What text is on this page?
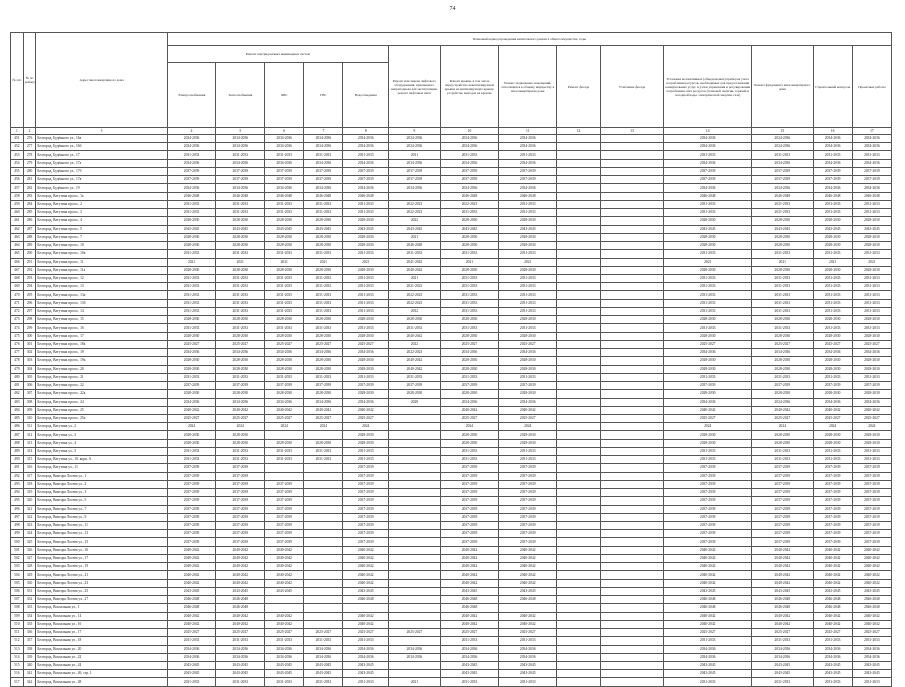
74
№ п/п	№ по району	Адрес многоквартирного дома	Плановый период проведения капитального ремонта общего имущества, годы													
			Ремонт внутридомовых инженерных систем					Ремонт или замена лифтового оборудования, признанного непригодным для эксплуатации, ремонт лифтовых шахт	Ремонт крыши, в том числе переустройство невентилируемой крыши на вентилируемую крышу, устройство выходов на кровлю	Ремонт подвальных помещений, относящихся к общему имуществу в многоквартирном доме	Ремонт фасада	Утепление фасада	Установка коллективных (общедомовых) приборов учета потребления ресурсов, необходимых для предоставления коммунальных услуг, и узлов управления и регулирования потребления этих ресурсов (тепловой энергии, горячей и холодной воды, электрической энергии, газа)	Ремонт фундамента многоквартирного дома	Строительный контроль	Проектные работы
			Электроснабжения	Теплоснабжения	ХВС	ГВС	Водоотведения									
1	2	3	4	5	6	7	8	9	10	11	12	13	14	15	16	17
451	276	Белгород, Будённого ул., 16а	2034-2036	2034-2036	2034-2036	2034-2036	2034-2036	2034-2036	2034-2036	2034-2036			2034-2036	2034-2036	2034-2036	2034-2036
452	277	Белгород, Будённого ул., 16б	2034-2036	2034-2036	2034-2036	2034-2036	2034-2036	2034-2036	2034-2036	2034-2036			2034-2036	2034-2036	2034-2036	2034-2036
453	278	Белгород, Будённого ул., 17	2031-2033	2031-2033	2031-2033	2031-2033	2031-2033	2031	2031-2033	2031-2033			2031-2033	2031-2033	2031-2033	2031-2033
454	279	Белгород, Будённого ул., 17а	2034-2036	2034-2036	2034-2036	2034-2036	2034-2036	2034-2036	2034-2036	2034-2036			2034-2036	2034-2036	2034-2036	2034-2036
455	280	Белгород, Будённого ул., 17б	2037-2039	2037-2039	2037-2039	2037-2039	2037-2039	2037-2039	2037-2039	2037-2039			2037-2039	2037-2039	2037-2039	2037-2039
456	281	Белгород, Будённого ул., 17в	2037-2039	2037-2039	2037-2039	2037-2039	2037-2039	2037-2039	2037-2039	2037-2039			2037-2039	2037-2039	2037-2039	2037-2039
457	282	Белгород, Будённого ул., 19	2034-2036	2034-2036	2034-2036	2034-2036	2034-2036	2034-2036	2034-2036	2034-2036			2034-2036	2034-2036	2034-2036	2034-2036
458	283	Белгород, Ватутина просп., 1а	2046-2048	2046-2048	2046-2048	2046-2048	2046-2048		2046-2048	2046-2048			2046-2048	2046-2048	2046-2048	2046-2048
459	284	Белгород, Ватутина просп., 2	2031-2033	2031-2033	2031-2033	2031-2033	2031-2033	2022-2023	2022-2023	2031-2033			2031-2033	2031-2033	2031-2033	2031-2033
460	285	Белгород, Ватутина просп., 3	2031-2033	2031-2033	2031-2033	2031-2033	2031-2033	2022-2023	2031-2033	2031-2033			2031-2033	2031-2033	2031-2033	2031-2033
461	286	Белгород, Ватутина просп., 4	2028-2030	2028-2030	2028-2030	2028-2030	2028-2030	2022	2028-2030	2028-2030			2028-2030	2028-2030	2028-2030	2028-2030
462	287	Белгород, Ватутина просп., 5	2043-2045	2043-2045	2043-2045	2043-2045	2043-2045	2043-2045	2043-2045	2043-2045			2043-2045	2043-2045	2043-2045	2043-2045
463	288	Белгород, Ватутина просп., 7	2028-2030	2028-2030	2028-2030	2028-2030	2028-2030	2021	2028-2030	2028-2030			2028-2030	2028-2030	2028-2030	2028-2030
464	289	Белгород, Ватутина просп., 10	2028-2030	2028-2030	2028-2030	2028-2030	2028-2030	2046-2048	2028-2030	2028-2030			2028-2030	2028-2030	2028-2030	2028-2030
465	290	Белгород, Ватутина просп., 10а	2031-2033	2031-2033	2031-2033	2031-2033	2031-2033	2031-2033	2031-2033	2031-2033			2031-2033	2031-2033	2031-2033	2031-2033
466	291	Белгород, Ватутина просп., 11	2021	2021	2021	2021	2021	2041-2043	2021	2021			2021	2021	2021	2021
467	292	Белгород, Ватутина просп., 11а	2028-2030	2028-2030	2028-2030	2028-2030	2028-2030	2040-2042	2028-2030	2028-2030			2028-2030	2028-2030	2028-2030	2028-2030
468	293	Белгород, Ватутина просп., 12	2031-2033	2031-2033	2031-2033	2031-2033	2031-2033	2021	2031-2033	2031-2033			2031-2033	2031-2033	2031-2033	2031-2033
469	294	Белгород, Ватутина просп., 13	2031-2033	2031-2033	2031-2033	2031-2033	2031-2033	2021-2023	2031-2033	2031-2033			2031-2033	2031-2033	2031-2033	2031-2033
470	295	Белгород, Ватутина просп., 13а	2031-2033	2031-2033	2031-2033	2031-2033	2031-2033	2022-2023	2031-2033	2031-2033			2031-2033	2031-2033	2031-2033	2031-2033
471	296	Белгород, Ватутина просп., 13б	2031-2033	2031-2033	2031-2033	2031-2033	2031-2033	2022-2023	2031-2033	2031-2033			2031-2033	2031-2033	2031-2033	2031-2033
472	297	Белгород, Ватутина просп., 14	2031-2033	2031-2033	2031-2033	2031-2033	2031-2033	2032	2031-2033	2031-2033			2031-2033	2031-2033	2031-2033	2031-2033
473	298	Белгород, Ватутина просп., 15	2028-2030	2028-2030	2028-2030	2028-2030	2028-2030	2028-2030	2028-2030	2028-2030			2028-2030	2028-2030	2028-2030	2028-2030
474	299	Белгород, Ватутина просп., 16	2031-2033	2031-2033	2031-2033	2031-2033	2031-2033	2031-2033	2031-2033	2031-2033			2031-2033	2031-2033	2031-2033	2031-2033
475	300	Белгород, Ватутина просп., 17	2028-2030	2028-2030	2028-2030	2028-2030	2028-2030	2040-2042	2028-2030	2028-2030			2028-2030	2028-2030	2028-2030	2028-2030
476	301	Белгород, Ватутина просп., 18а	2025-2027	2025-2027	2025-2027	2025-2027	2025-2027	2022	2025-2027	2025-2027			2025-2027	2025-2027	2025-2027	2025-2027
477	302	Белгород, Ватутина просп., 19	2034-2036	2034-2036	2034-2036	2034-2036	2034-2036	2022-2023	2034-2036	2034-2036			2034-2036	2034-2036	2034-2036	2034-2036
478	303	Белгород, Ватутина просп., 19а	2028-2030	2028-2030	2028-2030	2028-2030	2028-2030	2040-2042	2028-2030	2028-2030			2028-2030	2028-2030	2028-2030	2028-2030
479	304	Белгород, Ватутина просп., 20	2028-2030	2028-2030	2028-2030	2028-2030	2028-2030	2040-2042	2028-2030	2028-2030			2028-2030	2028-2030	2028-2030	2028-2030
480	305	Белгород, Ватутина просп., 21	2031-2033	2031-2033	2031-2033	2031-2033	2031-2033	2031-2033	2031-2033	2031-2033			2031-2033	2031-2033	2031-2033	2031-2033
481	306	Белгород, Ватутина просп., 22	2037-2039	2037-2039	2037-2039	2037-2039	2037-2039	2037-2039	2037-2039	2037-2039			2037-2039	2037-2039	2037-2039	2037-2039
482	307	Белгород, Ватутина просп., 22а	2028-2030	2028-2030	2028-2030	2028-2030	2028-2030	2028-2030	2028-2030	2028-2030			2028-2030	2028-2030	2028-2030	2028-2030
483	308	Белгород, Ватутина просп., 24	2034-2036	2034-2036	2034-2036	2034-2036	2034-2036	2028	2034-2036	2034-2036			2034-2036	2034-2036	2034-2036	2034-2036
484	309	Белгород, Ватутина просп., 25	2040-2042	2040-2042	2040-2042	2040-2042	2040-2042		2040-2042	2040-2042			2040-2042	2040-2042	2040-2042	2040-2042
485	310	Белгород, Ватутина просп., 25а	2025-2027	2025-2027	2025-2027	2025-2027	2025-2027		2025-2027	2025-2027			2025-2027	2025-2027	2025-2027	2025-2027
486	311	Белгород, Ватутина ул., 2	2024	2024	2024	2024	2024		2024	2024			2024	2024	2024	2024
487	312	Белгород, Ватутина ул., 3	2028-2030	2028-2030			2028-2030		2028-2030	2028-2030			2028-2030	2028-2030	2028-2030	2028-2030
488	313	Белгород, Ватутина ул., 4	2028-2030	2028-2030	2028-2030	2028-2030	2028-2030		2028-2030	2028-2030			2028-2030	2028-2030	2028-2030	2028-2030
489	314	Белгород, Ватутина ул., 5	2031-2033	2031-2033	2031-2033	2031-2033	2031-2033		2031-2033	2031-2033			2031-2033	2031-2033	2031-2033	2031-2033
490	315	Белгород, Ватутина ул., 10, корп. А	2031-2033	2031-2033	2031-2033	2031-2033	2031-2033		2031-2033	2031-2033			2031-2033	2031-2033	2031-2033	2031-2033
491	316	Белгород, Ватутина ул., 11	2037-2039	2037-2039			2037-2039		2037-2039	2037-2039			2037-2039	2037-2039	2037-2039	2037-2039
492	317	Белгород, Виктора Лосева ул., 1	2037-2039	2037-2039			2037-2039		2037-2039	2037-2039			2037-2039	2037-2039	2037-2039	2037-2039
493	318	Белгород, Виктора Лосева ул., 2	2037-2039	2037-2039	2037-2039		2037-2039		2037-2039	2037-2039			2037-2039	2037-2039	2037-2039	2037-2039
494	319	Белгород, Виктора Лосева ул., 3	2037-2039	2037-2039	2037-2039		2037-2039		2037-2039	2037-2039			2037-2039	2037-2039	2037-2039	2037-2039
495	320	Белгород, Виктора Лосева ул., 5	2037-2039	2037-2039	2037-2039		2037-2039		2037-2039	2037-2039			2037-2039	2037-2039	2037-2039	2037-2039
496	321	Белгород, Виктора Лосева ул., 7	2037-2039	2037-2039	2037-2039		2037-2039		2037-2039	2037-2039			2037-2039	2037-2039	2037-2039	2037-2039
497	322	Белгород, Виктора Лосева ул., 9	2037-2039	2037-2039	2037-2039		2037-2039		2037-2039	2037-2039			2037-2039	2037-2039	2037-2039	2037-2039
498	323	Белгород, Виктора Лосева ул., 11	2037-2039	2037-2039	2037-2039		2037-2039		2037-2039	2037-2039			2037-2039	2037-2039	2037-2039	2037-2039
499	324	Белгород, Виктора Лосева ул., 13	2037-2039	2037-2039	2037-2039		2037-2039		2037-2039	2037-2039			2037-2039	2037-2039	2037-2039	2037-2039
500	325	Белгород, Виктора Лосева ул., 15	2037-2039	2037-2039	2037-2039		2037-2039		2037-2039	2037-2039			2037-2039	2037-2039	2037-2039	2037-2039
501	326	Белгород, Виктора Лосева ул., 16	2040-2042	2040-2042	2040-2042		2040-2042		2040-2042	2040-2042			2040-2042	2040-2042	2040-2042	2040-2042
502	327	Белгород, Виктора Лосева ул., 17	2040-2042	2040-2042	2040-2042		2040-2042		2040-2042	2040-2042			2040-2042	2040-2042	2040-2042	2040-2042
503	328	Белгород, Виктора Лосева ул., 19	2040-2042	2040-2042	2040-2042		2040-2042		2040-2042	2040-2042			2040-2042	2040-2042	2040-2042	2040-2042
504	329	Белгород, Виктора Лосева ул., 21	2040-2042	2040-2042	2040-2042		2040-2042		2040-2042	2040-2042			2040-2042	2040-2042	2040-2042	2040-2042
505	330	Белгород, Виктора Лосева ул., 23	2040-2042	2040-2042	2040-2042		2040-2042		2040-2042	2040-2042			2040-2042	2040-2042	2040-2042	2040-2042
506	331	Белгород, Виктора Лосева ул., 25	2043-2045	2043-2045	2043-2045		2043-2045		2043-2045	2043-2045			2043-2045	2043-2045	2043-2045	2043-2045
507	332	Белгород, Виктора Лосева ул., 27	2046-2048	2046-2048			2046-2048		2046-2048	2046-2048			2046-2048	2046-2048	2046-2048	2046-2048
508	333	Белгород, Вокзальная ул., 1	2046-2048	2046-2048					2046-2048				2046-2048	2046-2048	2046-2048	2046-2048
509	334	Белгород, Вокзальная ул., 14	2040-2042	2040-2042	2040-2042		2040-2042		2040-2042	2040-2042			2040-2042	2040-2042	2040-2042	2040-2042
510	335	Белгород, Вокзальная ул., 16	2040-2042	2040-2042	2040-2042		2040-2042		2040-2042	2040-2042			2040-2042	2040-2042	2040-2042	2040-2042
511	336	Белгород, Вокзальная ул., 17	2025-2027	2025-2027	2025-2027	2025-2027	2025-2027	2025-2027	2025-2027	2025-2027			2025-2027	2025-2027	2025-2027	2025-2027
512	337	Белгород, Вокзальная ул., 18	2031-2033	2031-2033	2031-2033	2031-2033	2031-2033		2031-2033	2031-2033			2031-2033	2031-2033	2031-2033	2031-2033
513	338	Белгород, Вокзальная ул., 20	2034-2036	2034-2036	2034-2036	2034-2036	2034-2036	2034-2036	2034-2036	2034-2036			2034-2036	2034-2036	2034-2036	2034-2036
514	339	Белгород, Вокзальная ул., 22	2034-2036	2034-2036	2034-2036	2034-2036	2034-2036	2034-2036	2034-2036	2034-2036			2034-2036	2034-2036	2034-2036	2034-2036
515	340	Белгород, Вокзальная ул., 24	2043-2045	2043-2045	2043-2045	2043-2045	2043-2045		2043-2045	2043-2045			2043-2045	2043-2045	2043-2045	2043-2045
516	341	Белгород, Вокзальная ул., 26, стр. 1	2043-2045	2043-2045	2043-2045	2043-2045	2043-2045		2043-2045	2043-2045			2043-2045	2043-2045	2043-2045	2043-2045
517	342	Белгород, Вокзальная ул., 28	2031-2033	2031-2033	2031-2033	2031-2033	2031-2033	2021	2031-2033	2031-2033			2031-2033	2031-2033	2031-2033	2031-2033
